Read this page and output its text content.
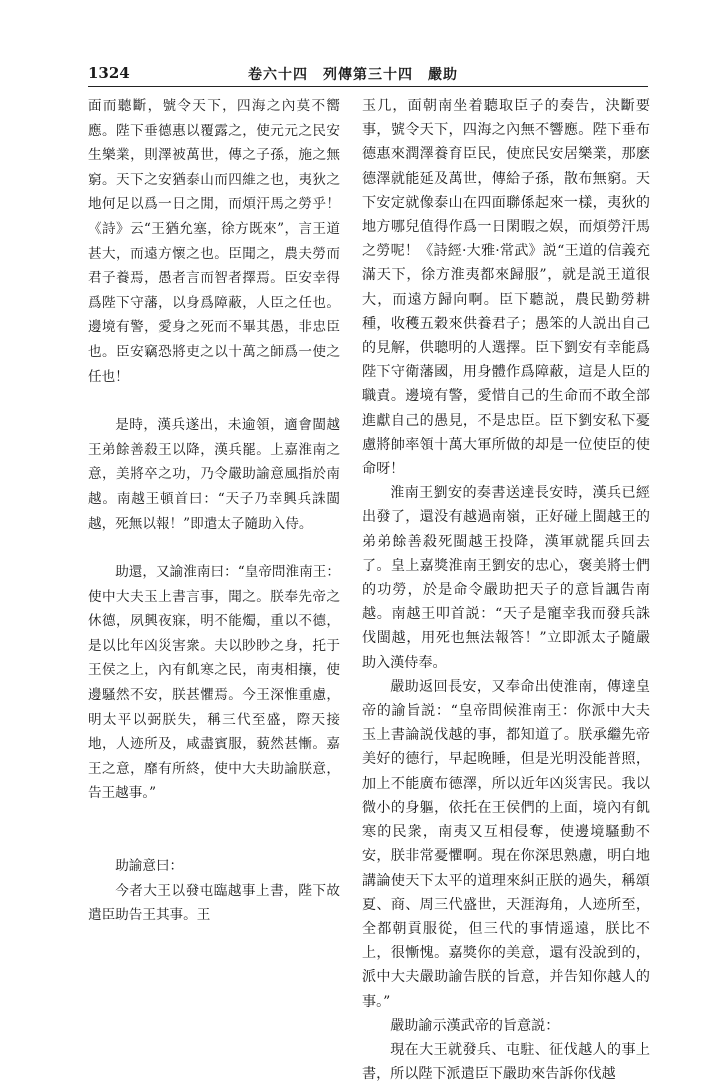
1324	卷六十四　列傳第三十四　嚴助

面而聽斷，號令天下，四海之內莫不嚮應。陛下垂德惠以覆露之，使元元之民安生樂業，則澤被萬世，傳之子孫，施之無窮。天下之安猶泰山而四維之也，夷狄之地何足以爲一日之閒，而煩汗馬之勞乎！《詩》云“王猶允塞，徐方既來”，言王道甚大，而遠方懷之也。臣聞之，農夫勞而君子養焉，愚者言而智者擇焉。臣安幸得爲陛下守藩，以身爲障蔽，人臣之任也。邊境有警，愛身之死而不畢其愚，非忠臣也。臣安竊恐將吏之以十萬之師爲一使之任也！

是時，漢兵遂出，未逾領，適會閩越王弟餘善殺王以降，漢兵罷。上嘉淮南之意，美將卒之功，乃令嚴助諭意風指於南越。南越王頓首曰：“天子乃幸興兵誅閩越，死無以報！”即遣太子隨助入侍。

助還，又諭淮南曰：“皇帝問淮南王：使中大夫玉上書言事，聞之。朕奉先帝之休德，夙興夜寐，明不能燭，重以不德，是以比年凶災害衆。夫以眇眇之身，托于王侯之上，內有飢寒之民，南夷相攘，使邊騷然不安，朕甚懼焉。今王深惟重慮，明太平以弼朕失，稱三代至盛，際天接地，人迹所及，咸盡賓服，藐然甚慚。嘉王之意，靡有所終，使中大夫助諭朕意，告王越事。”

助諭意曰：

今者大王以發屯臨越事上書，陛下故遣臣助告王其事。王

玉几，面朝南坐着聽取臣子的奏告，決斷要事，號令天下，四海之內無不響應。陛下垂布德惠來潤澤養育臣民，使庶民安居樂業，那麽德澤就能延及萬世，傳給子孫，散布無窮。天下安定就像泰山在四面聯係起來一樣，夷狄的地方哪兒值得作爲一日閑暇之娱，而煩勞汗馬之勞呢！《詩經·大雅·常武》説“王道的信義充滿天下，徐方淮夷都來歸服”，就是説王道很大，而遠方歸向啊。臣下聽説，農民勤勞耕種，收穫五穀來供養君子；愚笨的人説出自己的見解，供聰明的人選擇。臣下劉安有幸能爲陛下守衛藩國，用身體作爲障蔽，這是人臣的職責。邊境有警，愛惜自己的生命而不敢全部進獻自己的愚見，不是忠臣。臣下劉安私下憂慮將帥率領十萬大軍所做的却是一位使臣的使命呀！

淮南王劉安的奏書送達長安時，漢兵已經出發了，還没有越過南嶺，正好碰上閩越王的弟弟餘善殺死閩越王投降，漢軍就罷兵回去了。皇上嘉獎淮南王劉安的忠心，褒美將士們的功勞，於是命令嚴助把天子的意旨諷告南越。南越王叩首説：“天子是寵幸我而發兵誅伐閩越，用死也無法報答！”立即派太子隨嚴助入漢侍奉。

嚴助返回長安，又奉命出使淮南，傳達皇帝的諭旨説：“皇帝問候淮南王：你派中大夫玉上書論説伐越的事，都知道了。朕承繼先帝美好的德行，早起晚睡，但是光明没能普照，加上不能廣布德澤，所以近年凶災害民。我以微小的身軀，依托在王侯們的上面，境內有飢寒的民衆，南夷又互相侵奪，使邊境騷動不安，朕非常憂懼啊。現在你深思熟慮，明白地講論使天下太平的道理來糾正朕的過失，稱頌夏、商、周三代盛世，天涯海角，人迹所至，全都朝貢服從，但三代的事情遥遠，朕比不上，很慚愧。嘉獎你的美意，還有没說到的，派中大夫嚴助諭告朕的旨意，并告知你越人的事。”

嚴助諭示漢武帝的旨意説：

現在大王就發兵、屯駐、征伐越人的事上書，所以陛下派遣臣下嚴助來告訴你伐越
